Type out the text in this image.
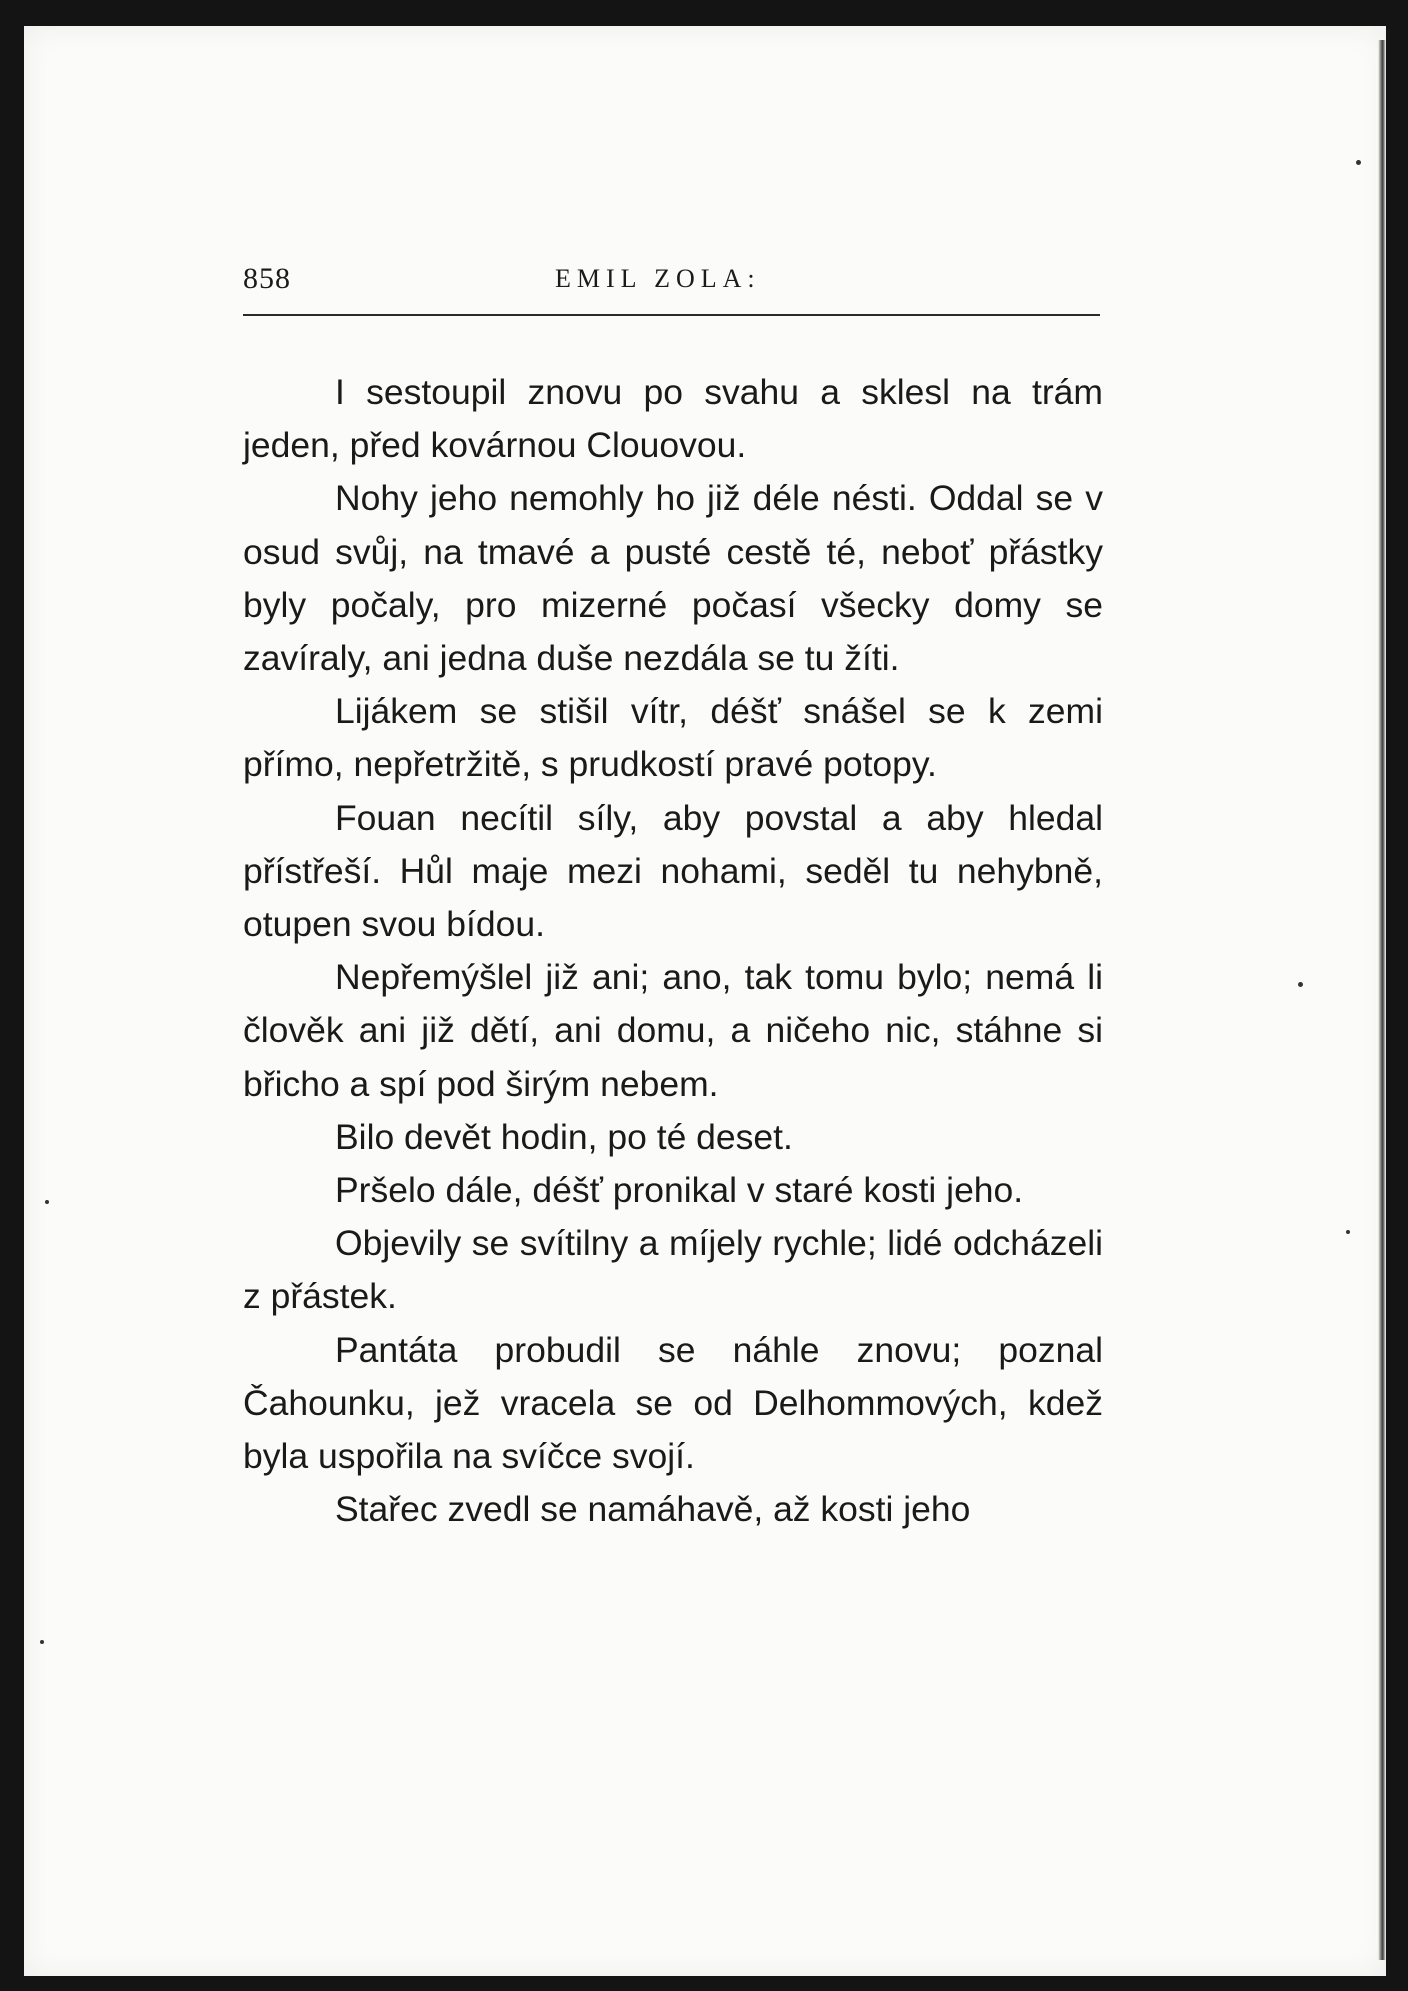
858	EMIL ZOLA:

I sestoupil znovu po svahu a sklesl na trám jeden, před kovárnou Clouovou.

Nohy jeho nemohly ho již déle nésti. Oddal se v osud svůj, na tmavé a pusté cestě té, neboť přástky byly počaly, pro mizerné počasí všecky domy se zavíraly, ani jedna duše nezdála se tu žíti.

Lijákem se stišil vítr, déšť snášel se k zemi přímo, nepřetržitě, s prudkostí pravé potopy.

Fouan necítil síly, aby povstal a aby hledal přístřeší. Hůl maje mezi nohami, seděl tu nehybně, otupen svou bídou.

Nepřemýšlel již ani; ano, tak tomu bylo; nemá li člověk ani již dětí, ani domu, a ničeho nic, stáhne si břicho a spí pod širým nebem.

Bilo devět hodin, po té deset.

Pršelo dále, déšť pronikal v staré kosti jeho.

Objevily se svítilny a míjely rychle; lidé odcházeli z přástek.

Pantáta probudil se náhle znovu; poznal Čahounku, jež vracela se od Delhommových, kdež byla uspořila na svíčce svojí.

Stařec zvedl se namáhavě, až kosti jeho
